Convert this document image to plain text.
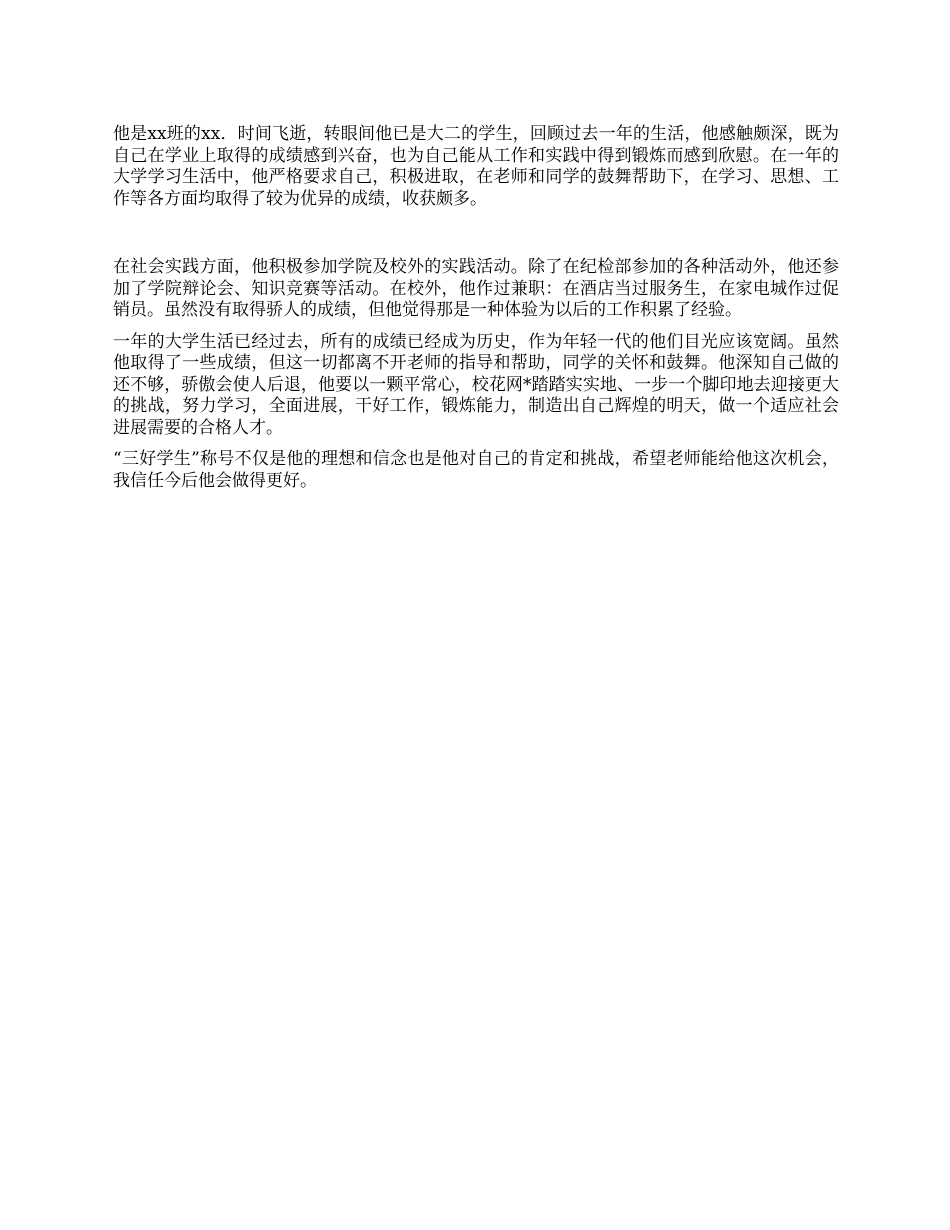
他是xx班的xx．时间飞逝，转眼间他已是大二的学生，回顾过去一年的生活，他感触颇深，既为自己在学业上取得的成绩感到兴奋，也为自己能从工作和实践中得到锻炼而感到欣慰。在一年的大学学习生活中，他严格要求自己，积极进取，在老师和同学的鼓舞帮助下，在学习、思想、工作等各方面均取得了较为优异的成绩，收获颇多。

在社会实践方面，他积极参加学院及校外的实践活动。除了在纪检部参加的各种活动外，他还参加了学院辩论会、知识竞赛等活动。在校外，他作过兼职：在酒店当过服务生，在家电城作过促销员。虽然没有取得骄人的成绩，但他觉得那是一种体验为以后的工作积累了经验。

一年的大学生活已经过去，所有的成绩已经成为历史，作为年轻一代的他们目光应该宽阔。虽然他取得了一些成绩，但这一切都离不开老师的指导和帮助，同学的关怀和鼓舞。他深知自己做的还不够，骄傲会使人后退，他要以一颗平常心，校花网*踏踏实实地、一步一个脚印地去迎接更大的挑战，努力学习，全面进展，干好工作，锻炼能力，制造出自己辉煌的明天，做一个适应社会进展需要的合格人才。

“三好学生”称号不仅是他的理想和信念也是他对自己的肯定和挑战，希望老师能给他这次机会，我信任今后他会做得更好。
